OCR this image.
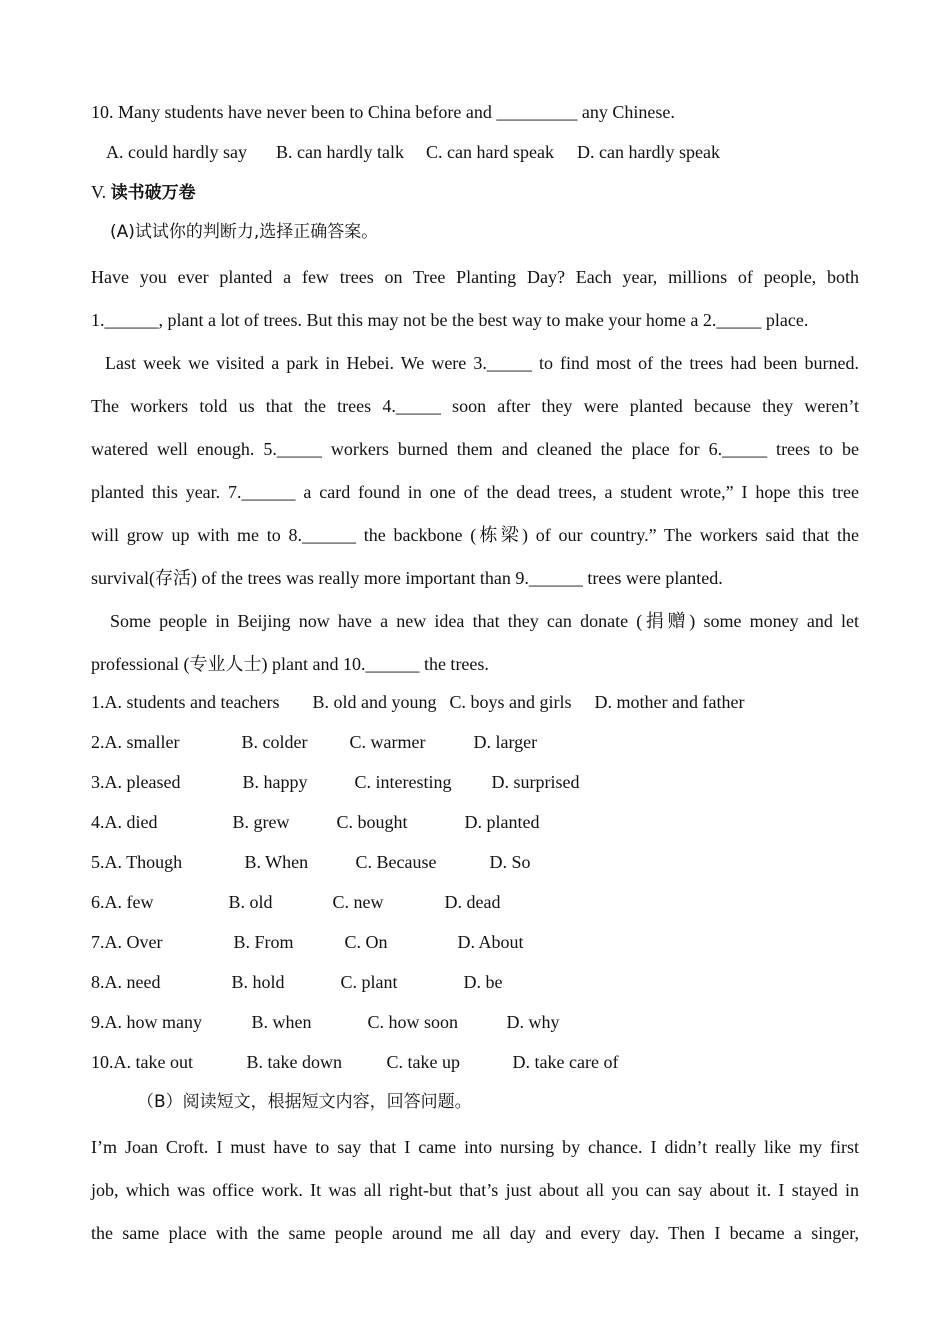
10. Many students have never been to China before and _________ any Chinese.
A. could hardly say B. can hardly talk C. can hard speak D. can hardly speak
V. 读书破万卷
(A)试试你的判断力,选择正确答案。
Have you ever planted a few trees on Tree Planting Day? Each year, millions of people, both
1.______, plant a lot of trees. But this may not be the best way to make your home a 2._____ place.
Last week we visited a park in Hebei. We were 3._____ to find most of the trees had been burned.
The workers told us that the trees 4._____ soon after they were planted because they weren’t
watered well enough. 5._____ workers burned them and cleaned the place for 6._____ trees to be
planted this year. 7.______ a card found in one of the dead trees, a student wrote,” I hope this tree
will grow up with me to 8.______ the backbone (栋梁) of our country.” The workers said that the
survival(存活) of the trees was really more important than 9.______ trees were planted.
Some people in Beijing now have a new idea that they can donate (捐赠) some money and let
professional (专业人士) plant and 10.______ the trees.
1.A. students and teachers B. old and young C. boys and girls D. mother and father
2.A. smaller	B. colder C. warmer	D. larger
3.A. pleased	B. happy	C. interesting D. surprised
4.A. died	B. grew	C. bought	D. planted
5.A. Though	B. When	C. Because	D. So
6.A. few	B. old	C. new	D. dead
7.A. Over	B. From	C. On	D. About
8.A. need	B. hold	C. plant	D. be
9.A. how many	B. when	C. how soon	D. why
10.A. take out	B. take down C. take up	D. take care of
（B）阅读短文，根据短文内容，回答问题。
I’m Joan Croft. I must have to say that I came into nursing by chance. I didn’t really like my first
job, which was office work. It was all right-but that’s just about all you can say about it. I stayed in
the same place with the same people around me all day and every day. Then I became a singer,
